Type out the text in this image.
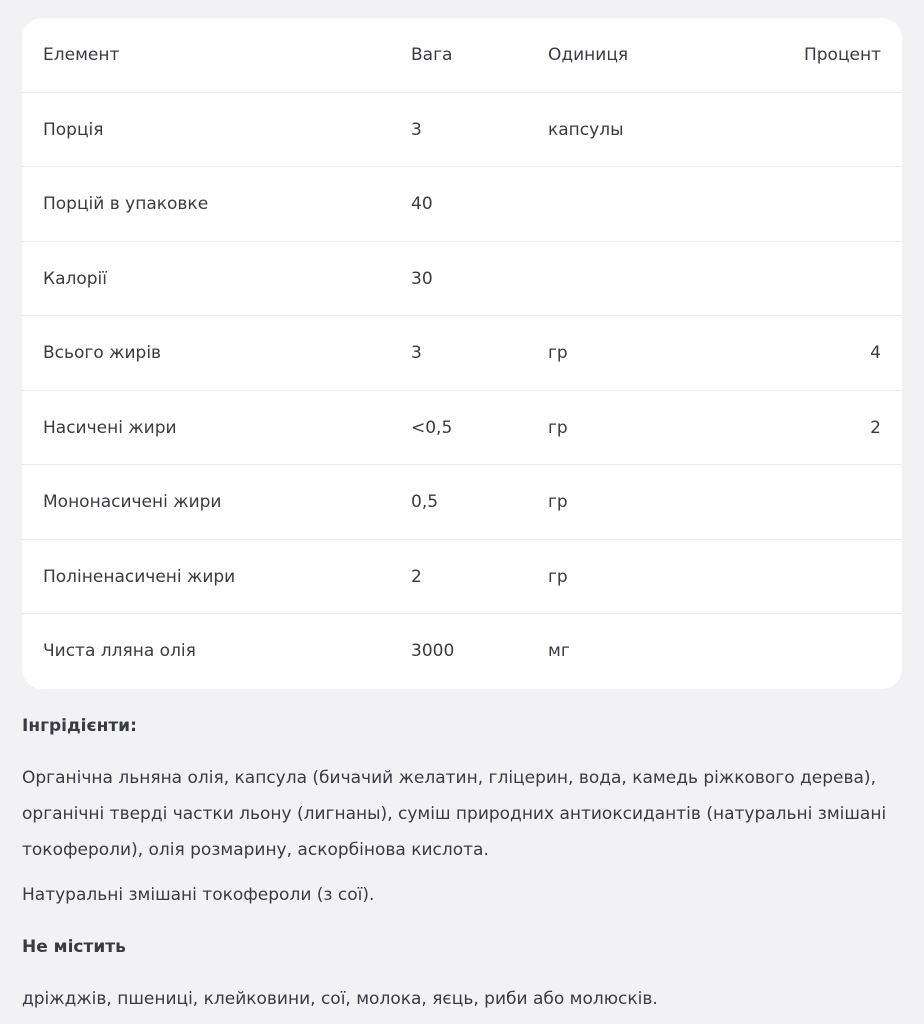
Елемент	Вага	Одиниця	Процент
Порція	3	капсулы
Порцій в упаковке	40
Калорії	30
Всього жирів	3	гр	4
Насичені жири	<0,5	гр	2
Мононасичені жири	0,5	гр
Поліненасичені жири	2	гр
Чиста лляна олія	3000	мг
Інгрідієнти:
Органічна льняна олія, капсула (бичачий желатин, гліцерин, вода, камедь ріжкового дерева), органічні тверді частки льону (лигнаны), суміш природних антиоксидантів (натуральні змішані токофероли), олія розмарину, аскорбінова кислота.
Натуральні змішані токофероли (з сої).
Не містить
дріжджів, пшениці, клейковини, сої, молока, яєць, риби або молюсків.
